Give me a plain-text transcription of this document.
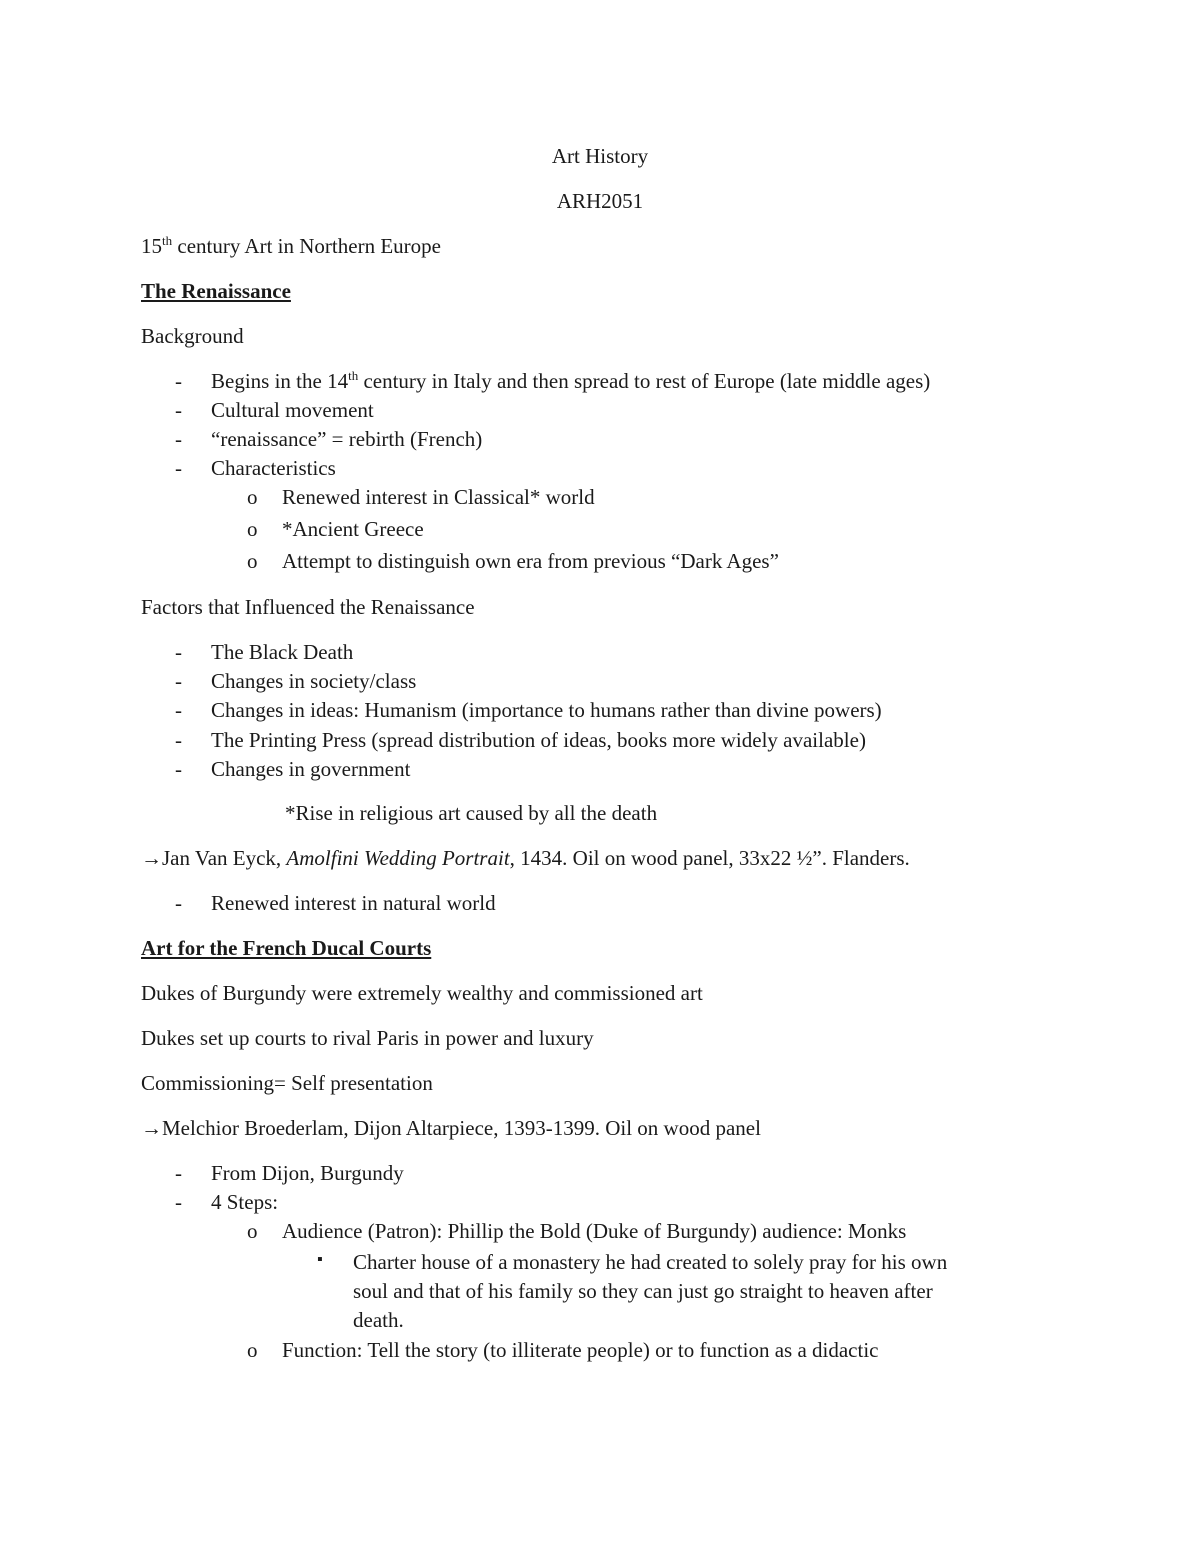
Art History
ARH2051
15th century Art in Northern Europe
The Renaissance
Background
- Begins in the 14th century in Italy and then spread to rest of Europe (late middle ages)
- Cultural movement
- “renaissance” = rebirth (French)
- Characteristics
o Renewed interest in Classical* world
o *Ancient Greece
o Attempt to distinguish own era from previous “Dark Ages”
Factors that Influenced the Renaissance
- The Black Death
- Changes in society/class
- Changes in ideas: Humanism (importance to humans rather than divine powers)
- The Printing Press (spread distribution of ideas, books more widely available)
- Changes in government
*Rise in religious art caused by all the death
→Jan Van Eyck, Amolfini Wedding Portrait, 1434. Oil on wood panel, 33x22 ½”. Flanders.
- Renewed interest in natural world
Art for the French Ducal Courts
Dukes of Burgundy were extremely wealthy and commissioned art
Dukes set up courts to rival Paris in power and luxury
Commissioning= Self presentation
→Melchior Broederlam, Dijon Altarpiece, 1393-1399. Oil on wood panel
- From Dijon, Burgundy
- 4 Steps:
o Audience (Patron): Phillip the Bold (Duke of Burgundy) audience: Monks
▪ Charter house of a monastery he had created to solely pray for his own
soul and that of his family so they can just go straight to heaven after
death.
o Function: Tell the story (to illiterate people) or to function as a didactic
